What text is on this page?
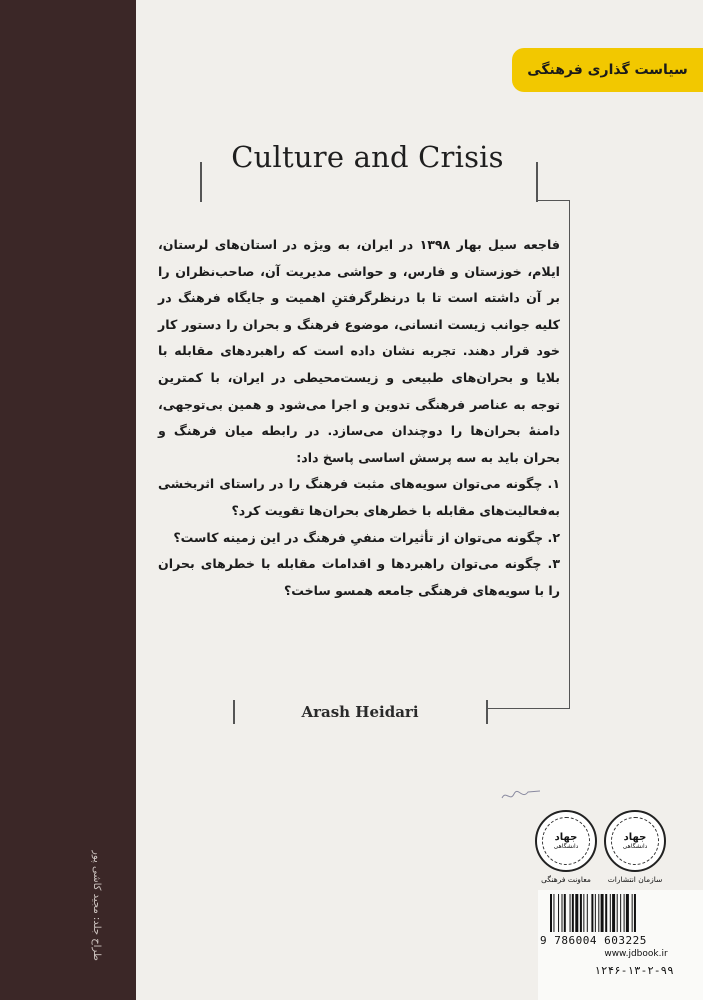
طراح جلد: مجید کاشی پور
سیاست گذاری فرهنگی
Culture and Crisis

فاجعه سیل بهار ۱۳۹۸ در ایران، به ویژه در استان‌های لرستان، ایلام، خوزستان و فارس، و حواشی مدیریت آن، صاحب‌نظران را بر آن داشته است تا با درنظرگرفتنِ اهمیت و جایگاه فرهنگ در کلیه جوانب زیست انسانی، موضوع فرهنگ و بحران را دستور کار خود قرار دهند. تجربه نشان داده است که راهبردهای مقابله با بلایا و بحران‌های طبیعی و زیست‌محیطی در ایران، با کمترین توجه به عناصر فرهنگی تدوین و اجرا می‌شود و همین بی‌توجهی، دامنهٔ بحران‌ها را دوچندان می‌سازد. در رابطه میان فرهنگ و بحران باید به سه پرسش اساسی پاسخ داد:

۱. چگونه می‌توان سویه‌های مثبت فرهنگ را در راستای اثربخشی به‌فعالیت‌های مقابله با خطرهای بحران‌ها تقویت کرد؟

۲. چگونه می‌توان از تأثیرات منفیِ فرهنگ در این زمینه کاست؟

۳. چگونه می‌توان راهبردها و اقدامات مقابله با خطرهای بحران را با سویه‌های فرهنگی جامعه همسو ساخت؟

Arash Heidari
جهاد
دانشگاهی
سازمان انتشارات
جهاد
دانشگاهی
معاونت فرهنگی
9 786004 603225
www.jdbook.ir
۱۲۴۶-۱۳-۲-۹۹
